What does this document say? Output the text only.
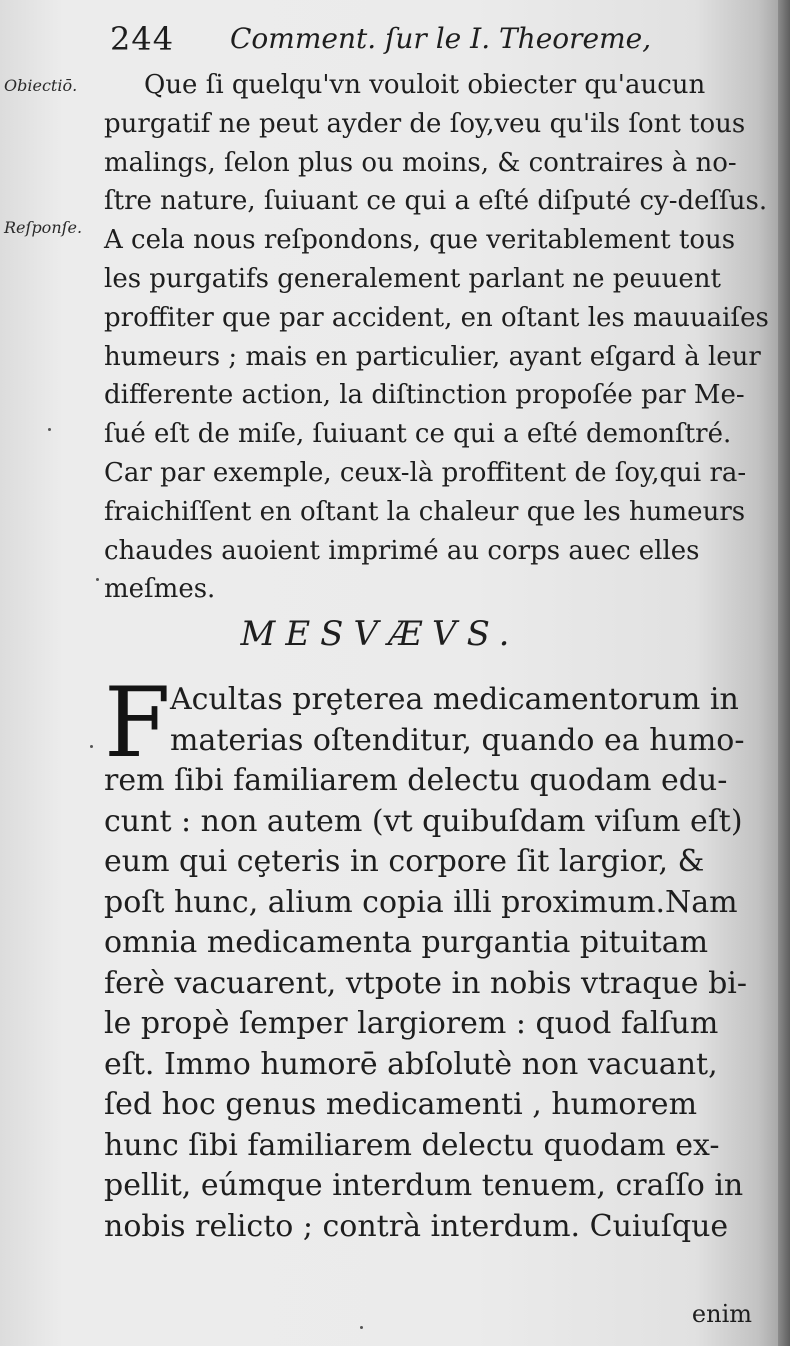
244 Comment. ſur le I. Theoreme,
Obiectiō.
Reſponſe.
Que ſi quelqu'vn vouloit obiecter qu'aucun
purgatif ne peut ayder de ſoy,veu qu'ils ſont tous
malings, ſelon plus ou moins, & contraires à no-
ſtre nature, ſuiuant ce qui a eſté diſputé cy-deſſus.
A cela nous reſpondons, que veritablement tous
les purgatifs generalement parlant ne peuuent
proffiter que par accident, en oſtant les mauuaiſes
humeurs ; mais en particulier, ayant eſgard à leur
differente action, la diſtinction propoſée par Me-
ſué eſt de miſe, ſuiuant ce qui a eſté demonſtré.
Car par exemple, ceux-là proffitent de ſoy,qui ra-
fraichiſſent en oſtant la chaleur que les humeurs
chaudes auoient imprimé au corps auec elles
meſmes.
MESVÆVS.
F Acultas prȩterea medicamentorum in
materias oſtenditur, quando ea humo-
rem ſibi familiarem delectu quodam edu-
cunt : non autem (vt quibuſdam viſum eſt)
eum qui cȩteris in corpore ſit largior, &
poſt hunc, alium copia illi proximum.Nam
omnia medicamenta purgantia pituitam
ferè vacuarent, vtpote in nobis vtraque bi-
le propè ſemper largiorem : quod falſum
eſt. Immo humorē abſolutè non vacuant,
ſed hoc genus medicamenti , humorem
hunc ſibi familiarem delectu quodam ex-
pellit, eúmque interdum tenuem, craſſo in
nobis relicto ; contrà interdum. Cuiuſque
enim
